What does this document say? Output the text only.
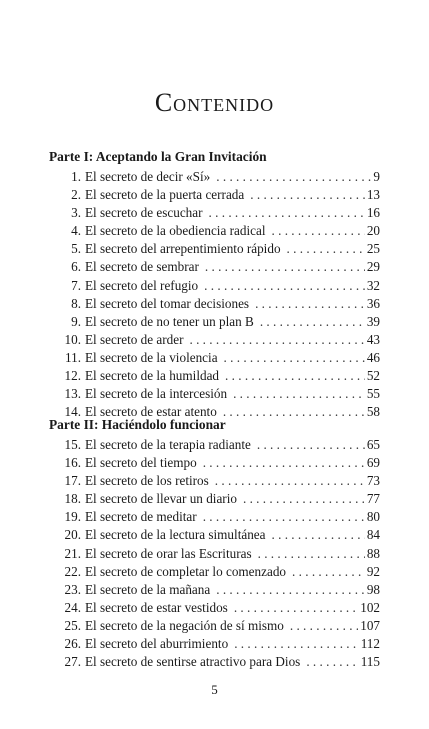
Contenido
Parte I: Aceptando la Gran Invitación
1. El secreto de decir «Sí» . . .	9
2. El secreto de la puerta cerrada . . .	13
3. El secreto de escuchar . . .	16
4. El secreto de la obediencia radical . . .	20
5. El secreto del arrepentimiento rápido . . .	25
6. El secreto de sembrar . . .	29
7. El secreto del refugio . . .	32
8. El secreto del tomar decisiones . . .	36
9. El secreto de no tener un plan B . . .	39
10. El secreto de arder . . .	43
11. El secreto de la violencia . . .	46
12. El secreto de la humildad . . .	52
13. El secreto de la intercesión . . .	55
14. El secreto de estar atento . . .	58
Parte II: Haciéndolo funcionar
15. El secreto de la terapia radiante . . .	65
16. El secreto del tiempo . . .	69
17. El secreto de los retiros . . .	73
18. El secreto de llevar un diario . . .	77
19. El secreto de meditar . . .	80
20. El secreto de la lectura simultánea . . .	84
21. El secreto de orar las Escrituras . . .	88
22. El secreto de completar lo comenzado . . .	92
23. El secreto de la mañana . . .	98
24. El secreto de estar vestidos . . .	102
25. El secreto de la negación de sí mismo . . .	107
26. El secreto del aburrimiento . . .	112
27. El secreto de sentirse atractivo para Dios . . .	115
5
